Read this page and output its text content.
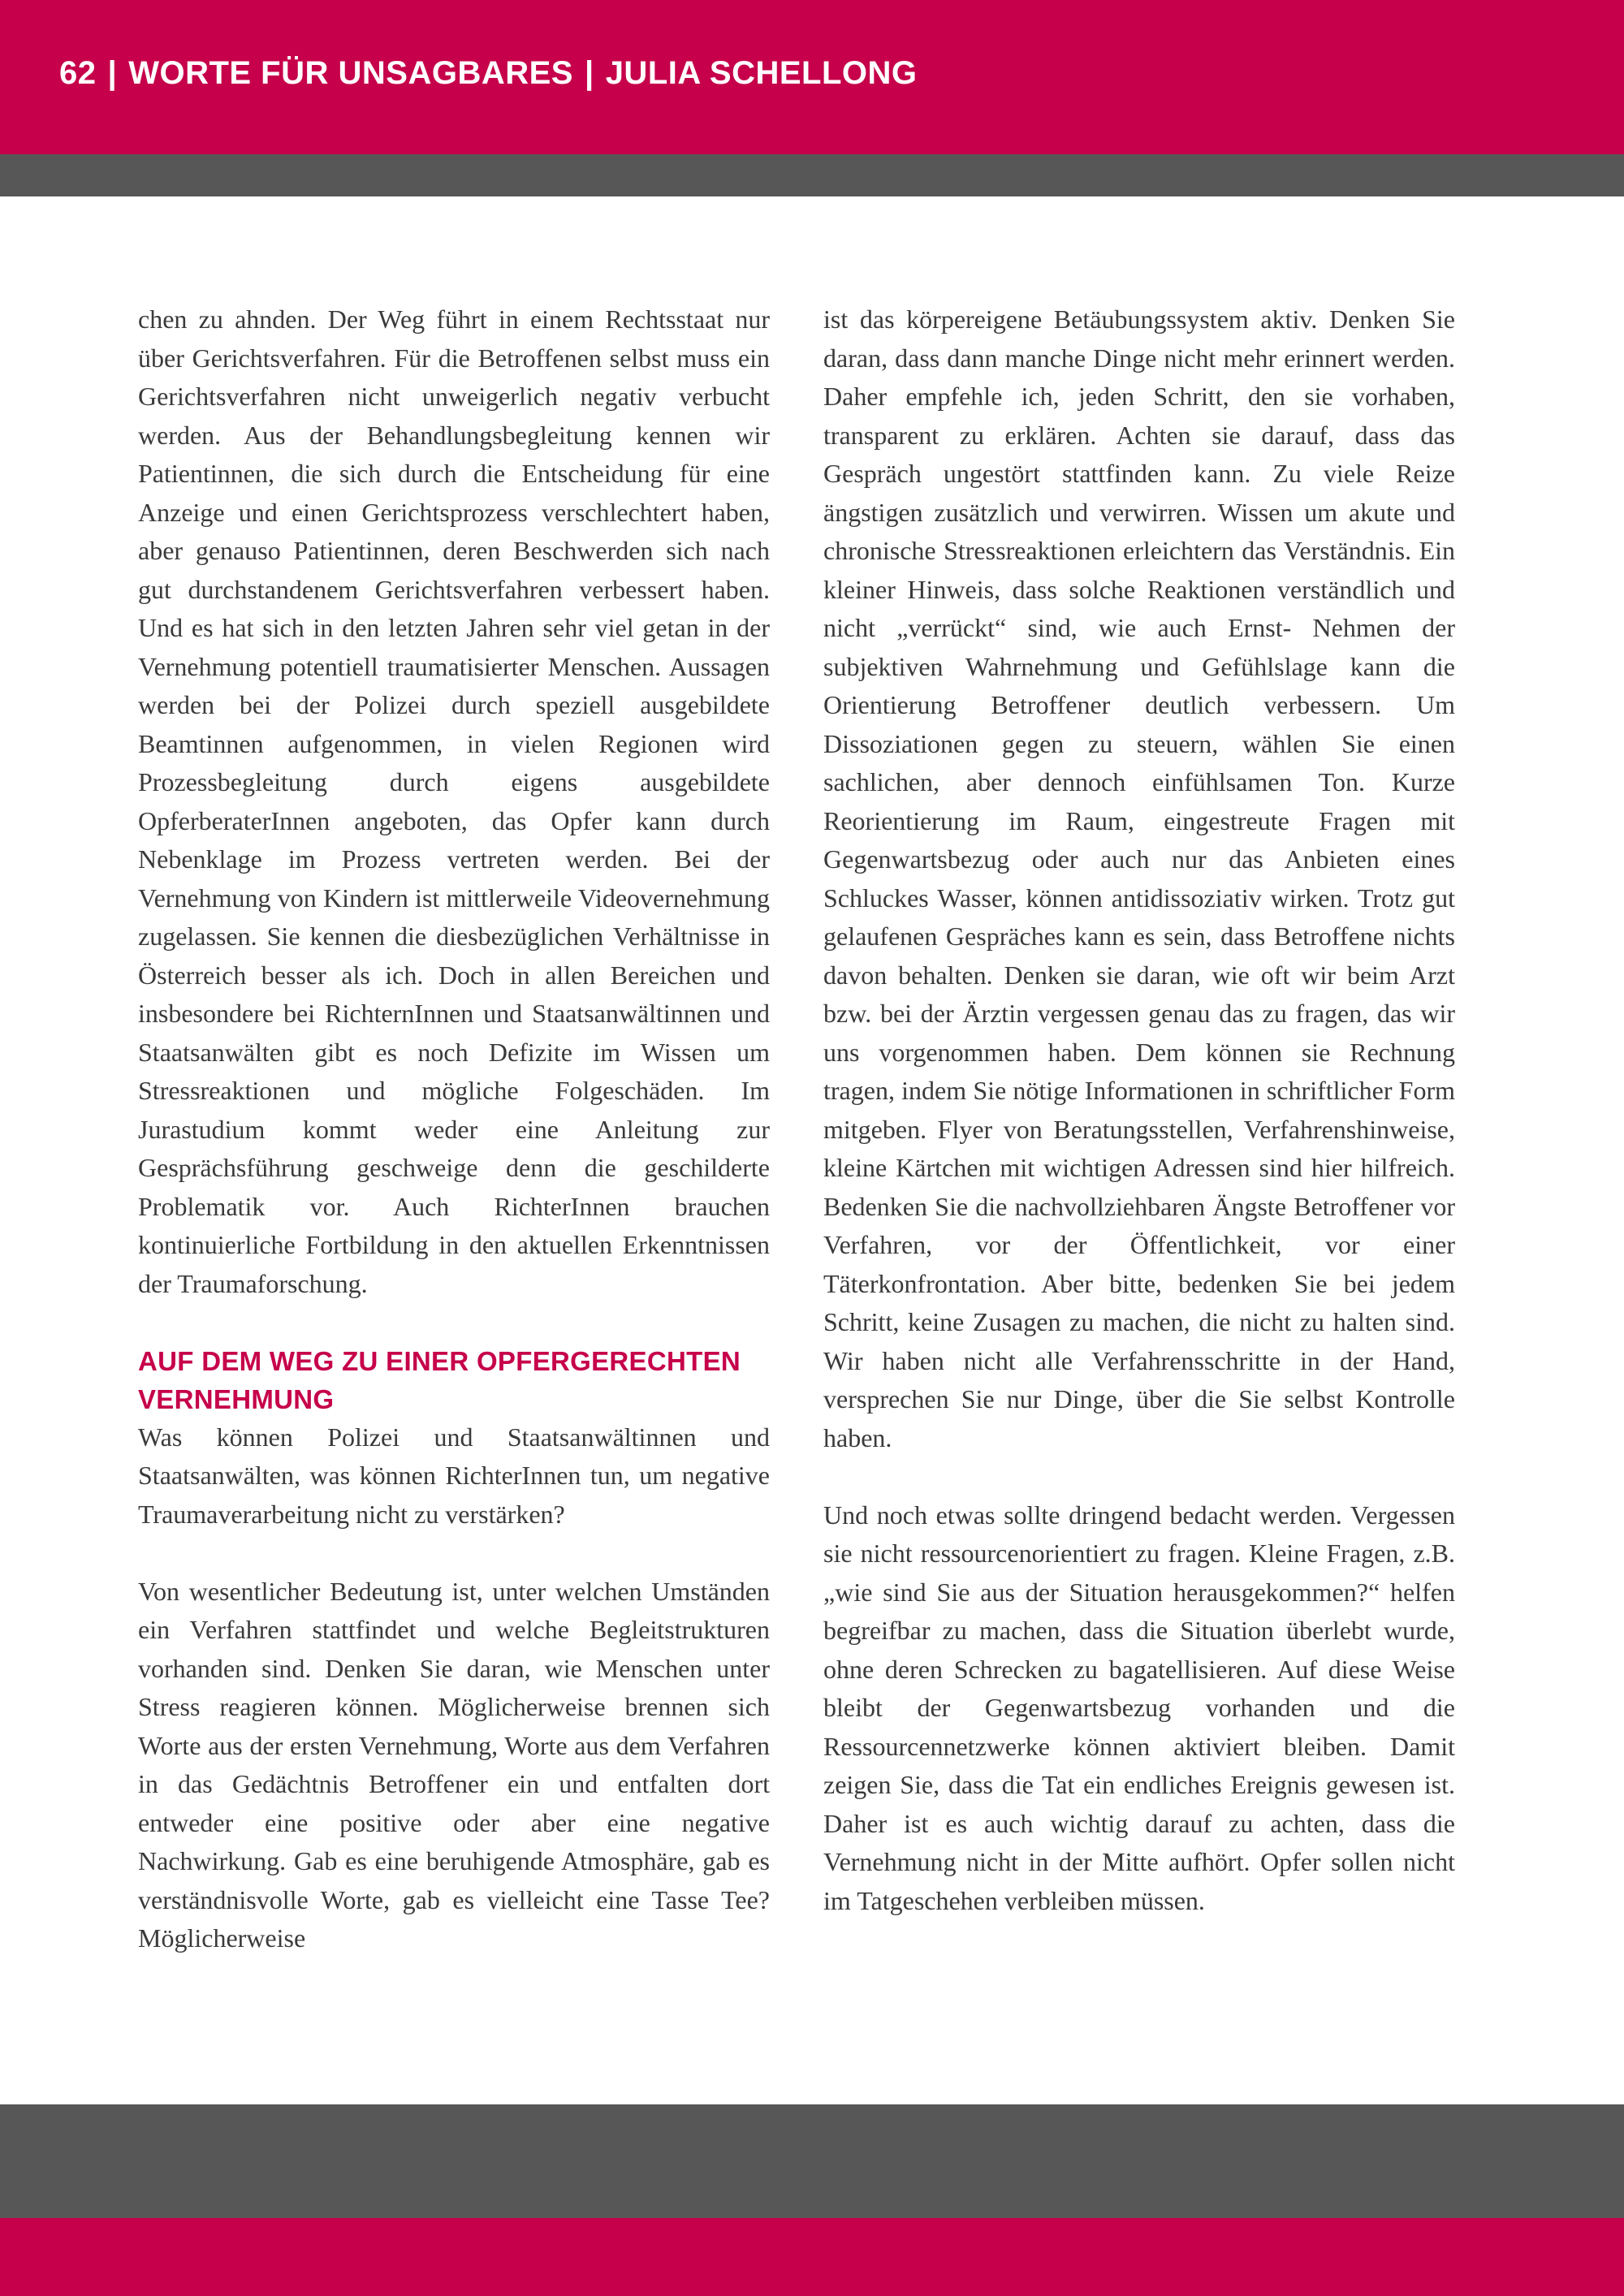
62 | WORTE FÜR UNSAGBARES | JULIA SCHELLONG

chen zu ahnden. Der Weg führt in einem Rechtsstaat nur über Gerichtsverfahren. Für die Betroffenen selbst muss ein Gerichtsverfahren nicht unweigerlich negativ verbucht werden. Aus der Behandlungsbegleitung kennen wir Patientinnen, die sich durch die Entscheidung für eine Anzeige und einen Gerichtsprozess verschlechtert haben, aber genauso Patientinnen, deren Beschwerden sich nach gut durchstandenem Gerichtsverfahren verbessert haben. Und es hat sich in den letzten Jahren sehr viel getan in der Vernehmung potentiell traumatisierter Menschen. Aussagen werden bei der Polizei durch speziell ausgebildete Beamtinnen aufgenommen, in vielen Regionen wird Prozessbegleitung durch eigens ausgebildete OpferberaterInnen angeboten, das Opfer kann durch Nebenklage im Prozess vertreten werden. Bei der Vernehmung von Kindern ist mittlerweile Videovernehmung zugelassen. Sie kennen die diesbezüglichen Verhältnisse in Österreich besser als ich. Doch in allen Bereichen und insbesondere bei RichternInnen und Staatsanwältinnen und Staatsanwälten gibt es noch Defizite im Wissen um Stressreaktionen und mögliche Folgeschäden. Im Jurastudium kommt weder eine Anleitung zur Gesprächsführung geschweige denn die geschilderte Problematik vor. Auch RichterInnen brauchen kontinuierliche Fortbildung in den aktuellen Erkenntnissen der Traumaforschung.

AUF DEM WEG ZU EINER OPFERGERECHTEN VERNEHMUNG

Was können Polizei und Staatsanwältinnen und Staatsanwälten, was können RichterInnen tun, um negative Traumaverarbeitung nicht zu verstärken?

Von wesentlicher Bedeutung ist, unter welchen Umständen ein Verfahren stattfindet und welche Begleitstrukturen vorhanden sind. Denken Sie daran, wie Menschen unter Stress reagieren können. Möglicherweise brennen sich Worte aus der ersten Vernehmung, Worte aus dem Verfahren in das Gedächtnis Betroffener ein und entfalten dort entweder eine positive oder aber eine negative Nachwirkung. Gab es eine beruhigende Atmosphäre, gab es verständnisvolle Worte, gab es vielleicht eine Tasse Tee? Möglicherweise

ist das körpereigene Betäubungssystem aktiv. Denken Sie daran, dass dann manche Dinge nicht mehr erinnert werden. Daher empfehle ich, jeden Schritt, den sie vorhaben, transparent zu erklären. Achten sie darauf, dass das Gespräch ungestört stattfinden kann. Zu viele Reize ängstigen zusätzlich und verwirren. Wissen um akute und chronische Stressreaktionen erleichtern das Verständnis. Ein kleiner Hinweis, dass solche Reaktionen verständlich und nicht „verrückt“ sind, wie auch Ernst- Nehmen der subjektiven Wahrnehmung und Gefühlslage kann die Orientierung Betroffener deutlich verbessern. Um Dissoziationen gegen zu steuern, wählen Sie einen sachlichen, aber dennoch einfühlsamen Ton. Kurze Reorientierung im Raum, eingestreute Fragen mit Gegenwartsbezug oder auch nur das Anbieten eines Schluckes Wasser, können antidissoziativ wirken. Trotz gut gelaufenen Gespräches kann es sein, dass Betroffene nichts davon behalten. Denken sie daran, wie oft wir beim Arzt bzw. bei der Ärztin vergessen genau das zu fragen, das wir uns vorgenommen haben. Dem können sie Rechnung tragen, indem Sie nötige Informationen in schriftlicher Form mitgeben. Flyer von Beratungsstellen, Verfahrenshinweise, kleine Kärtchen mit wichtigen Adressen sind hier hilfreich. Bedenken Sie die nachvollziehbaren Ängste Betroffener vor Verfahren, vor der Öffentlichkeit, vor einer Täterkonfrontation. Aber bitte, bedenken Sie bei jedem Schritt, keine Zusagen zu machen, die nicht zu halten sind. Wir haben nicht alle Verfahrensschritte in der Hand, versprechen Sie nur Dinge, über die Sie selbst Kontrolle haben.

Und noch etwas sollte dringend bedacht werden. Vergessen sie nicht ressourcenorientiert zu fragen. Kleine Fragen, z.B. „wie sind Sie aus der Situation herausgekommen?“ helfen begreifbar zu machen, dass die Situation überlebt wurde, ohne deren Schrecken zu bagatellisieren. Auf diese Weise bleibt der Gegenwartsbezug vorhanden und die Ressourcennetzwerke können aktiviert bleiben. Damit zeigen Sie, dass die Tat ein endliches Ereignis gewesen ist. Daher ist es auch wichtig darauf zu achten, dass die Vernehmung nicht in der Mitte aufhört. Opfer sollen nicht im Tatgeschehen verbleiben müssen.
